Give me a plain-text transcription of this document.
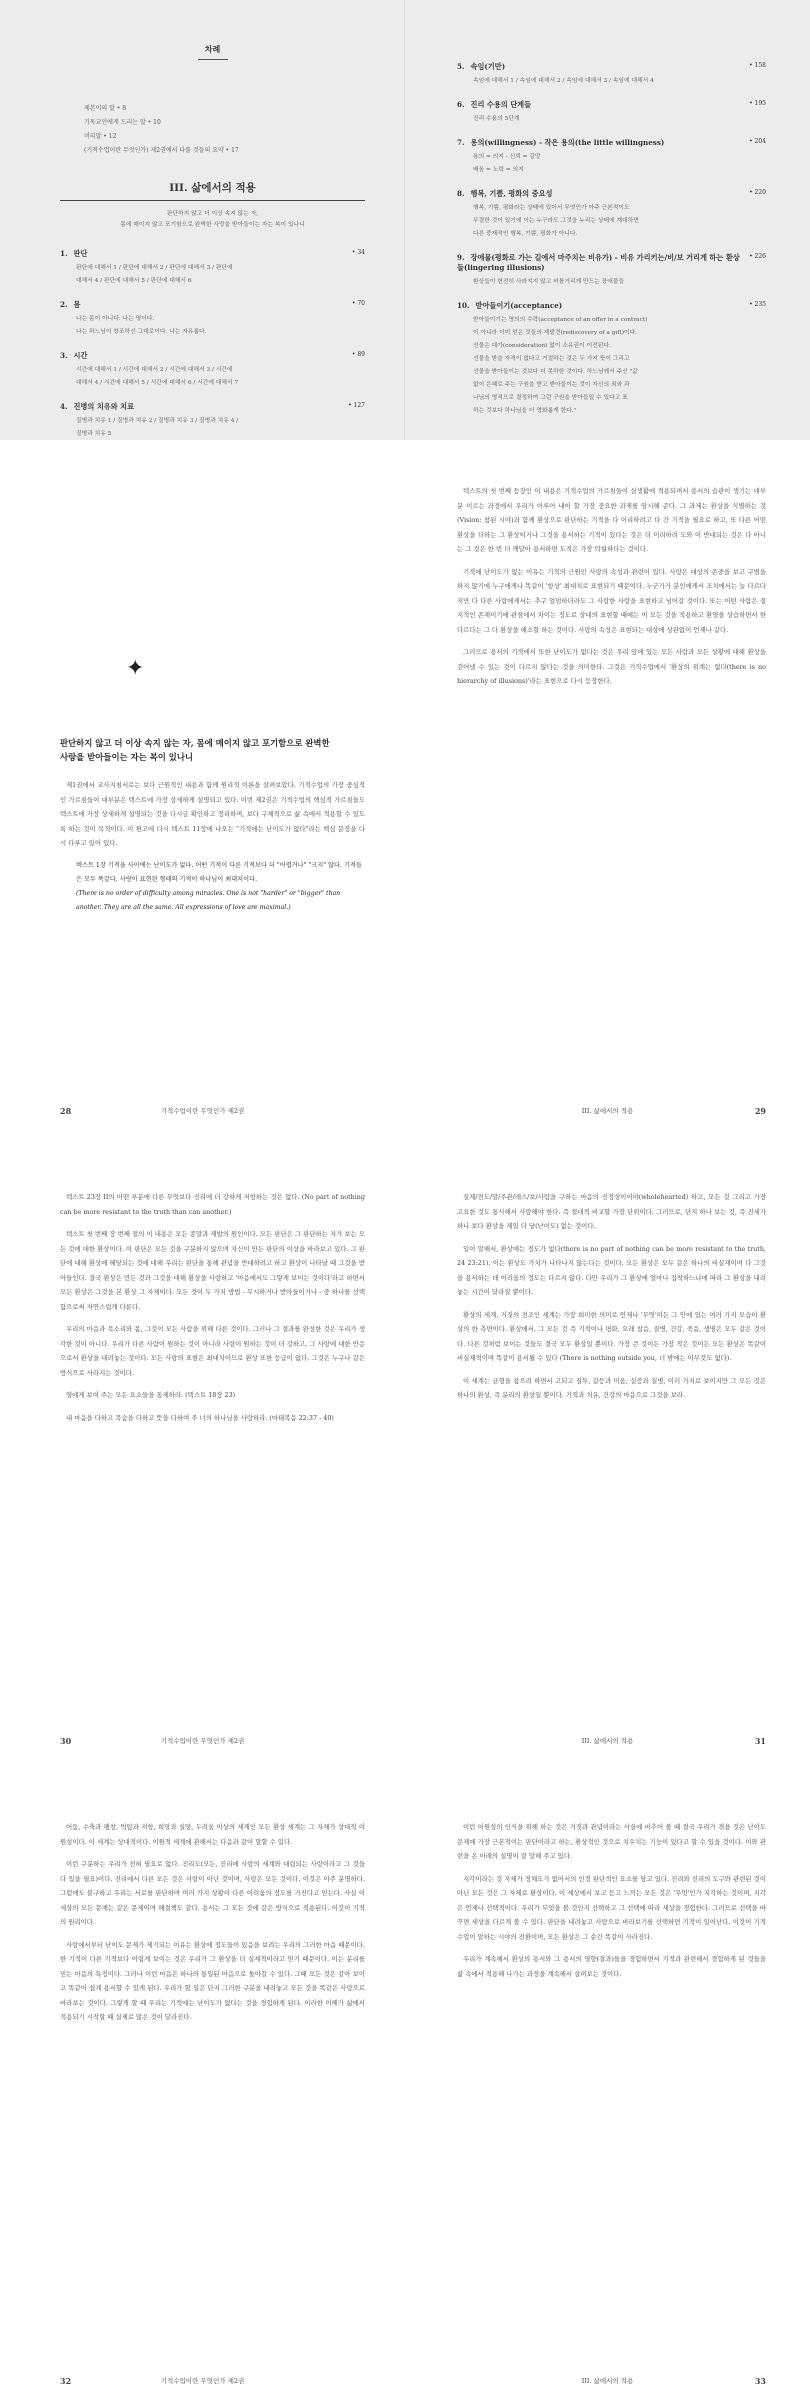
차례
제본이의 말 • 8
기독교인에게 드리는 말 • 10
머리말 • 12
(기적수업이란 무엇인가) 제2권에서 다룰 것들의 요약 • 17
III. 삶에서의 적용
판단하지 않고 더 이상 속지 않는 자,
몸에 매이지 않고 포기함으로 완벽한 사랑을 받아들이는 자는 복이 있나니
1. 판단	• 34
판단에 대해서 1 / 판단에 대해서 2 / 판단에 대해서 3 / 판단에
대해서 4 / 판단에 대해서 5 / 판단에 대해서 6
2. 몸	• 70
나는 몸이 아니다. 나는 영이다.
나는 하느님이 창조하신 그대로이다. 나는 자유롭다.
3. 시간	• 89
시간에 대해서 1 / 시간에 대해서 2 / 시간에 대해서 3 / 시간에
대해서 4 / 시간에 대해서 5 / 시간에 대해서 6 / 시간에 대해서 7
4. 진병의 치유와 치료	• 127
질병과 치유 1 / 질병과 치유 2 / 질병과 치유 3 / 질병과 치유 4 /
질병과 치유 5
5. 속임(기만)	• 158
속임에 대해서 1 / 속임에 대해서 2 / 속임에 대해서 3 / 속임에 대해서 4
6. 진리 수용의 단계들	• 195
진리 수용의 5단계
7. 용의(willingness) - 작은 용의(the little willingness)	• 204
용의 = 의지 - 신뢰 = 갈망
배움 = 노력 = 의지
8. 행복, 기쁨, 평화의 중요성	• 220
행복, 기쁨, 평화라는 상태에 있어서 무엇인가 아주 근본적이도
무결한 것이 있기에 이는 누구라도 그것을 누리는 상태에 계대하면
다른 중재적인 행복, 기쁨, 평화가 아니다.
9. 장애물(평화로 가는 길에서 마주치는 비유가) - 비유 가리키는/비/보 거리게 하는 환상들(lingering illusions)
• 226
환상들이 현전히 사라지지 않고 비틀거리게 만드는 장애물들
10. 받아들이기(acceptance)	• 235
받아들이기는 영의의 수락(acceptance of an offer in a contract)
이 아니라 이미 얻은 것들의 재발견(rediscovery of a gift)이다.
선물은 대가(consideration) 없이 소유권이 이전된다.
선물을 받을 자격이 없다고 거절하는 것은 두 가지 뜻이 그리고
선물을 받아들이는 것보다 더 못하한 것이다. 하느님께서 주신 "값
없이 은혜로 주는 구원을 받고 받아들이는 것이 자신의 죄와 과
나님의 영적으로 결정하여 그런 구원을 받아들일 수 있다고 표
하는 것보다 하나님을 더 영화롭게 한다."
✦
판단하지 않고 더 이상 속지 않는 자, 몸에 매이지 않고 포기함으로 완벽한
사랑을 받아들이는 자는 복이 있나니

제1권에서 교사지침서로는 보다 근원적인 내용과 함께 원리적 이론을 살펴보았다. 기적수업의 가장 중심적인 가르침들이 대부분은 텍스트에 가장 상세하게 설명되고 있다. 이번 제2권은 기적수업의 핵심적 가르침들도 텍스트에 가장 상세하게 설명되는 것을 다시금 확인하고 정리하며, 보다 구체적으로 삶 속에서 적용할 수 있도록 하는 것이 목적이다. 이 원고에 다시 텍스트 11장에 나오는 "기적에는 난이도가 없다"라는 핵심 문장을 다시 다루고 있어 있다.

텍스트 1장 기적을 사이에는 난이도가 없다. 어떤 기적이 다른 기적보다 더 "어렵거나" "크지" 않다. 기적들은 모두 똑같다. 사랑이 표현된 형태의 기적이 하나님이 최대치이다.
(There is no order of difficulty among miracles. One is not "harder" or "bigger" than another. They are all the same. All expressions of love are maximal.)
28	기적수업이란 무엇인가 제2권

텍스트의 첫 번째 등장인 이 내용은 기적수업의 가르침들이 실생활에 적용되며서 용서의 습관이 생기는 대부분 이르는 과정에서 우리가 이루어 내어 할 가장 중요한 과제를 암시해 준다. 그 과제는 환상을 식별하는 것(Vision: 참된 시야)과 함께 환상으로 판단하는 기적을 다 이리하려고 다 간 기적을 필요로 하고, 또 다른 어떤 환상을 더하는 그 환상이거나 그것을 용서하는 기적이 있다는 것은 더 이리하려 도와 이 반대되는 것은 다 아니는 그 것은 한 번 더 깨달아 용서하면 도적은 가장 탁월하다는 것이다.

기적에 난이도가 없는 이유는 기적의 근원인 사랑의 속성과 관련이 있다. 사랑은 대상의 존중을 보고 구별을 하지 않기에 누구에게나 똑같이 '항상' 최대치로 표현되기 때문이다. 누군가가 분인에게서 조치에서는 늘 다르다지만 다 다른 사람에게서는 추구 얼엄하더라도 그 사랑한 사랑을 표현하고 넘어갈 것이다. 또는 어떤 사람은 절지적인 존재이기에 관점에서 차이는 정도로 상대의 표현할 때에는 이 모든 것을 적용하고 환영을 상습하면서 한 다르다는 그 다 환상을 해소할 하는 것이다. 사랑의 속성은 표현되는 대상에 상관없이 언제나 같다.

그러므로 용서의 기적에서 또한 난이도가 없다는 것은 우리 앞에 있는 모든 사람과 모든 상황에 대해 환상을 걷어낼 수 있는 것이 다르지 않다는 것을 의미한다. 그것은 기적수업에서 '환상의 위계는 없다(there is no hierarchy of illusions)'라는 표현으로 다시 등장한다.

III. 삶에서의 적용	29

텍스트 23장 II의 어떤 부분에 다른 무엇보다 진리에 더 강하게 저항하는 것은 없다. (No part of nothing can be more resistant to the truth than can another.)

텍스트 첫 번째 장 번째 절의 이 내용은 모든 종말과 재발의 원인이다. 모든 판단은 그 판단하는 자가 보는 모든 것에 대한 환상이다. 이 판단은 모든 것을 구분하지 않으며 자신이 만든 판단의 이상을 바라보고 있다. 그 판단에 대해 환상에 해당되는 것에 대해 우리는 판단을 통해 관념을 반대하려고 하고 환상이 나타날 때 그것을 받아들인다. 결국 환상은 만든 것과 그것을 대해 환상을 사랑하고 '마음에서도 그렇게 보이는 것이다'라고 하면서 모든 환상은 그것을 본 환상 그 자체이다. 모든 것이 두 가지 방법 - 무시하거나 받아들이거나 - 중 하나를 선택함으로써 자연스럽게 다룬다.

우리의 마음과 목소리와 몸, 그것이 모든 사람을 위해 다른 것이다. 그러나 그 결과를 완성한 것은 우리가 생각한 것이 아니다. 우리가 다른 사람이 원하는 것이 아니라 사랑이 원하는 것이 더 강하고, 그 사랑에 대한 반응으로서 환상을 내려놓는 것이다. 모든 사랑의 표현은 최대치이므로 환상 또한 등급이 없다. 그것은 누구나 같은 방식으로 사라지는 것이다.

영에게 보여 주는 모든 요소들을 통제하라. (텍스트 18장 23)

내 마음을 다하고 목숨을 다하고 뜻을 다하여 주 너의 하나님을 사랑하라. (마태복음 22:37 - 40)

30	기적수업이란 무엇인가 제2권

실제/전도/말/주관/레스/보/사람을 구하는 마음의 진정성이어야(wholehearted) 하고, 모든 것 그리고 가장 고요한 것도 통사해서 사랑해야 한다. 즉 절대적 비교할 가장 단위이다. 그러므로, 단지 하나 보는 것, 즉 진세가 하나 보다 환상을 제일 더 당(난이도) 없는 것이다.

일이 말해서, 환상에는 경도가 없다(there is no part of nothing can be more resistant to the truth, 24 23:21). 이는 환상도 가치가 나타나지 않는다는 것이다. 모든 환상은 모두 같은 하나의 비실재이며 다 그것을 용서하는 데 어려움의 정도는 다르지 않다. 다만 우리가 그 환상에 얼마나 집착하느냐에 따라 그 환상을 내려놓는 시간이 달라질 뿐이다.

환상의 세계, 거짓의 전조인 세계는 가장 희미한 의미로 언제나 '무엇'이든 그 안에 있는 여러 가지 모습이 환상의 한 측면이다. 환상에서, 그 모든 것 즉 기적이나 평화, 오래 참음, 질병, 건강, 죽음, 생명은 모두 같은 것이다. 다른 것처럼 보이는 것들도 결국 모두 환상일 뿐이다. 가장 큰 것이든 가장 작은 것이든 모든 환상은 똑같이 비실재적이며 똑같이 용서될 수 있다 (There is nothing outside you, 너 밖에는 아무것도 없다).

이 세계는 균형을 잡으려 하면서 고되고 질투, 갈등과 미움, 실증과 질병, 이러 가지로 보이지만 그 모든 것은 하나의 환상, 즉 분리의 환상일 뿐이다. 기적과 치유, 건강의 마음으로 그것을 보라.

III. 삶에서의 적용	31

어둠, 수축과 팽창, 억압과 저항, 희망과 실망, 두려움 이상의 세계인 모든 환상 세계는 그 자체가 상대적 이원성이다. 이 세계는 상대적이다. 이원적 세계에 관해서는 다음과 같이 말할 수 있다.

이런 구분하는 우리가 전혀 필요로 없다. 진리도(모든, 진리에 사랑의 세계와 대립되는 사랑이라고 그 것들 다 있을 필요)이다. 진리에서 다른 모든 것은 사랑이 아닌 것이며, 사랑은 모든 것이다. 이것은 아주 분명하다. 그럼에도 불구하고 우리는 서로를 판단하며 여러 가지 상황이 다른 어려움의 정도를 가진다고 믿는다. 사실 이 세상의 모든 문제는 같은 문제이며 해결책도 같다. 용서는 그 모든 것에 같은 방식으로 적용된다. 이것이 기적의 원리이다.

사랑에서부터 난이도 문제가 제기되는 이유는 환상에 정도들이 있음을 보려는 우리의 그러한 마음 때문이다. 한 기적이 다른 기적보다 어렵게 보이는 것은 우리가 그 환상을 더 실재적이라고 믿기 때문이다. 이는 분리를 믿는 마음의 특징이다. 그러나 이런 마음은 하나의 통일된 마음으로 돌아갈 수 있다. 그때 모든 것은 같아 보이고 똑같이 쉽게 용서할 수 있게 된다. 우리가 할 일은 단지 그러한 구분을 내려놓고 모든 것을 똑같은 사랑으로 바라보는 것이다. 그렇게 할 때 우리는 기적에는 난이도가 없다는 것을 경험하게 된다. 이러한 이해가 삶에서 적용되기 시작할 때 실제로 많은 것이 달라진다.

32	기적수업이란 무엇인가 제2권

이런 이원성의 인식을 위해 하는 것은 거짓과 관념이라는 사실에 비추어 볼 때 결국 우리가 겪을 것은 난이도 문제에 가장 근본적이는 판단이라고 하는, 환상적인 것으로 치우치는 기능이 있다고 할 수 있을 것이다. 이와 관련을 온 아래의 설명이 잘 말해 주고 있다.

지각이라는 것 자체가 정체도가 없어서의 인정 판단적인 요소를 담고 있다. 진리와 진리의 도구와 관련된 것이 아닌 모든 것은 그 자체로 환상이다. 이 세상에서 보고 듣고 느끼는 모든 것은 '무엇'인가 지각하는 것이며, 지각은 언제나 선택적이다. 우리가 무엇을 볼 것인지 선택하고 그 선택에 따라 세상을 경험한다. 그러므로 선택을 바꾸면 세상을 다르게 볼 수 있다. 판단을 내려놓고 사랑으로 바라보기를 선택하면 기적이 일어난다. 이것이 기적수업이 말하는 시야의 전환이며, 모든 환상은 그 순간 똑같이 사라진다.

우리가 계속해서 환상의 용서와 그 용서의 영향(결과)들을 경험하면서 기적과 관련해서 경험하게 된 것들을 삶 속에서 적용해 나가는 과정을 계속해서 살펴보는 것이다.

III. 삶에서의 적용	33
